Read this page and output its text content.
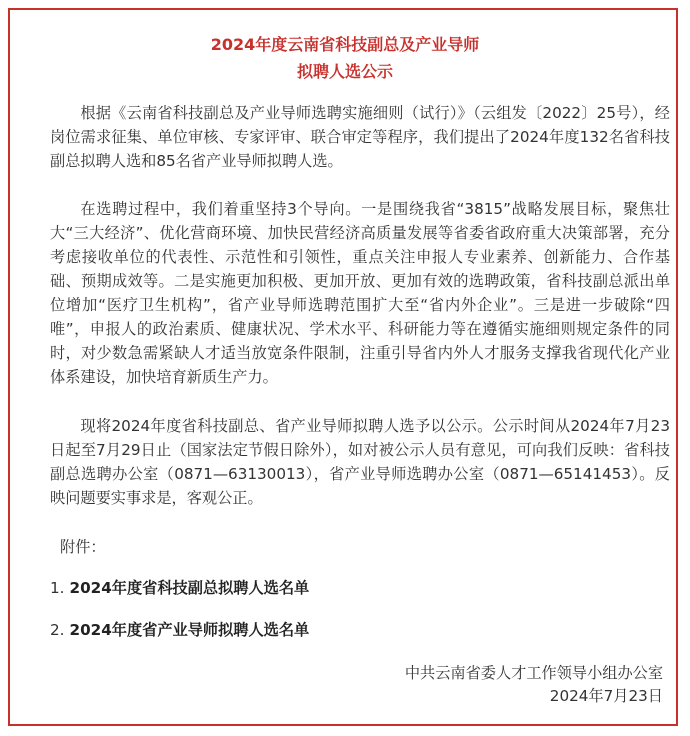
2024年度云南省科技副总及产业导师
拟聘人选公示

根据《云南省科技副总及产业导师选聘实施细则（试行）》（云组发〔2022〕25号），经岗位需求征集、单位审核、专家评审、联合审定等程序，我们提出了2024年度132名省科技副总拟聘人选和85名省产业导师拟聘人选。

在选聘过程中，我们着重坚持3个导向。一是围绕我省“3815”战略发展目标，聚焦壮大“三大经济”、优化营商环境、加快民营经济高质量发展等省委省政府重大决策部署，充分考虑接收单位的代表性、示范性和引领性，重点关注申报人专业素养、创新能力、合作基础、预期成效等。二是实施更加积极、更加开放、更加有效的选聘政策，省科技副总派出单位增加“医疗卫生机构”，省产业导师选聘范围扩大至“省内外企业”。三是进一步破除“四唯”，申报人的政治素质、健康状况、学术水平、科研能力等在遵循实施细则规定条件的同时，对少数急需紧缺人才适当放宽条件限制，注重引导省内外人才服务支撑我省现代化产业体系建设，加快培育新质生产力。

现将2024年度省科技副总、省产业导师拟聘人选予以公示。公示时间从2024年7月23日起至7月29日止（国家法定节假日除外），如对被公示人员有意见，可向我们反映：省科技副总选聘办公室（0871—63130013），省产业导师选聘办公室（0871—65141453）。反映问题要实事求是，客观公正。

附件：
1. 2024年度省科技副总拟聘人选名单
2. 2024年度省产业导师拟聘人选名单
中共云南省委人才工作领导小组办公室
2024年7月23日
